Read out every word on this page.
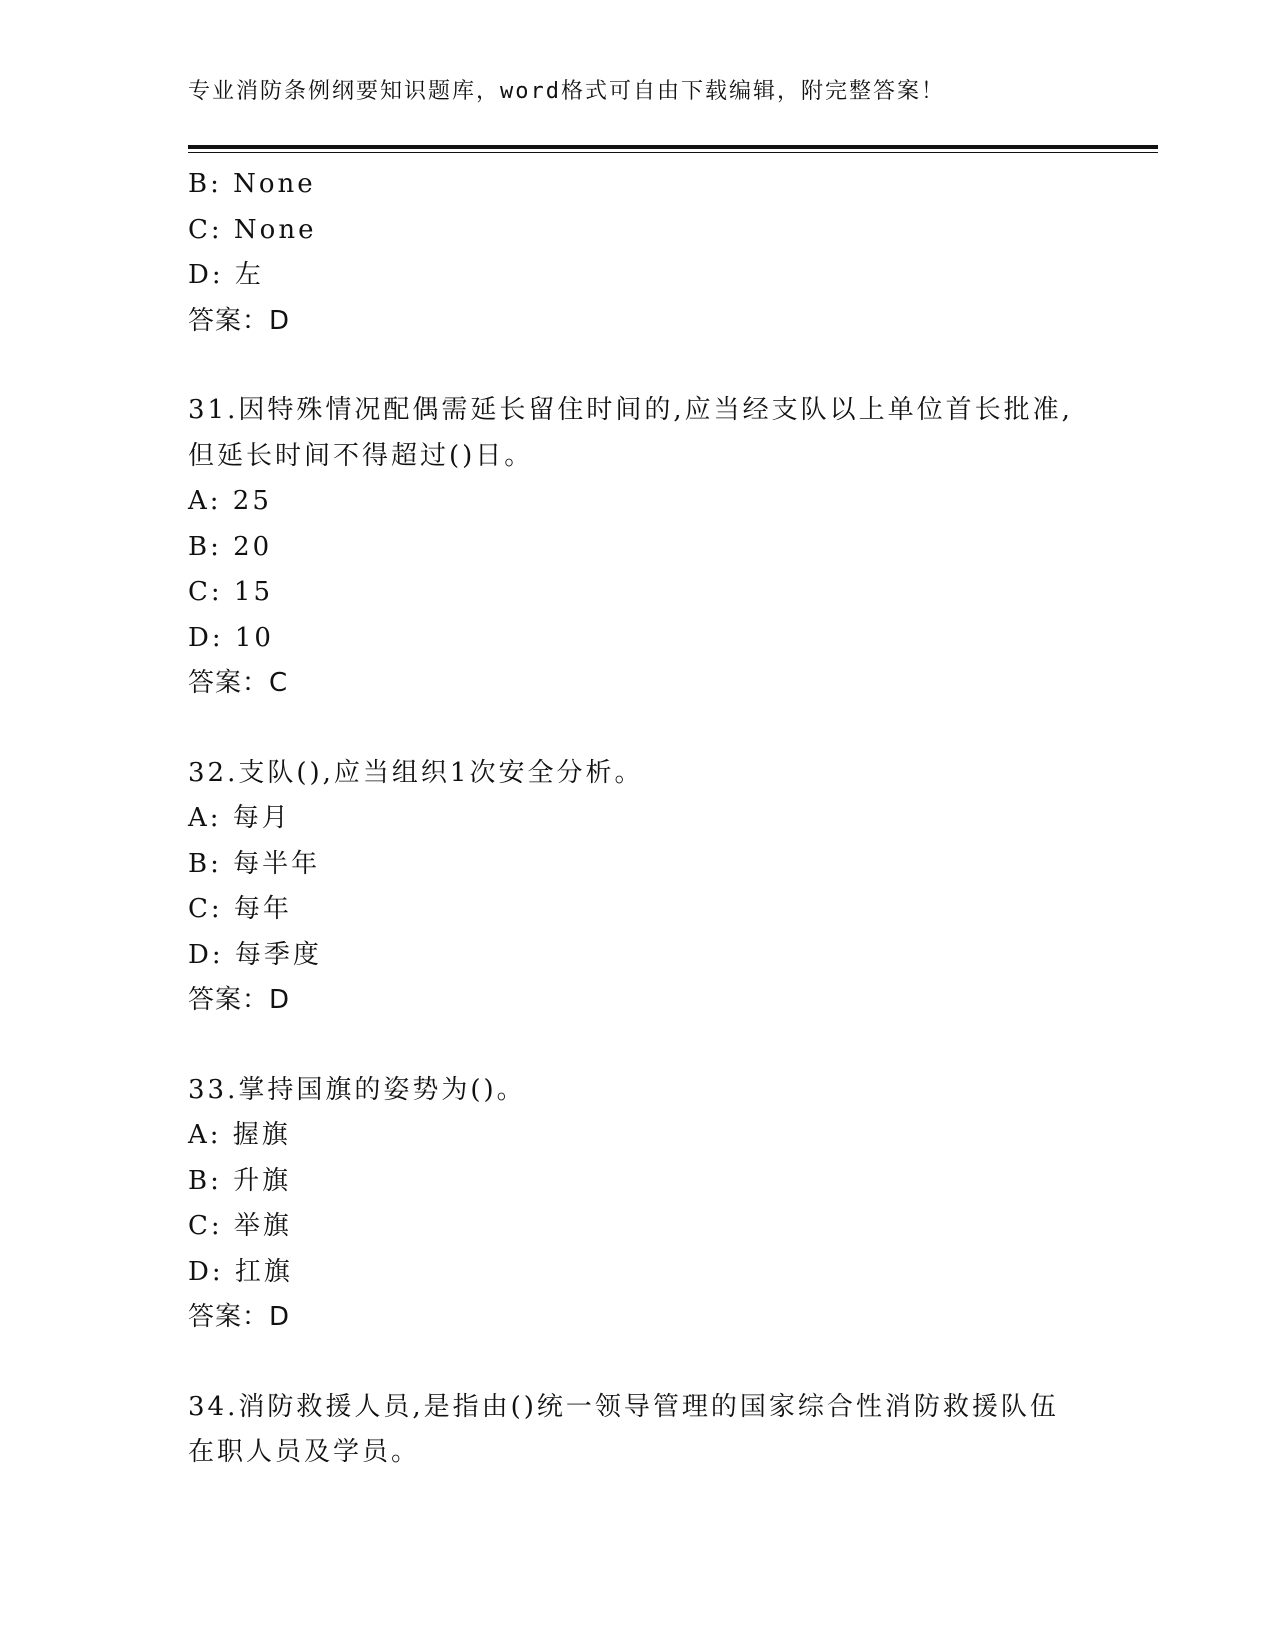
专业消防条例纲要知识题库，word格式可自由下载编辑，附完整答案！
B: None
C: None
D: 左
答案：D
31.因特殊情况配偶需延长留住时间的,应当经支队以上单位首长批准,
但延长时间不得超过()日。
A: 25
B: 20
C: 15
D: 10
答案：C
32.支队(),应当组织1次安全分析。
A: 每月
B: 每半年
C: 每年
D: 每季度
答案：D
33.掌持国旗的姿势为()。
A: 握旗
B: 升旗
C: 举旗
D: 扛旗
答案：D
34.消防救援人员,是指由()统一领导管理的国家综合性消防救援队伍
在职人员及学员。
